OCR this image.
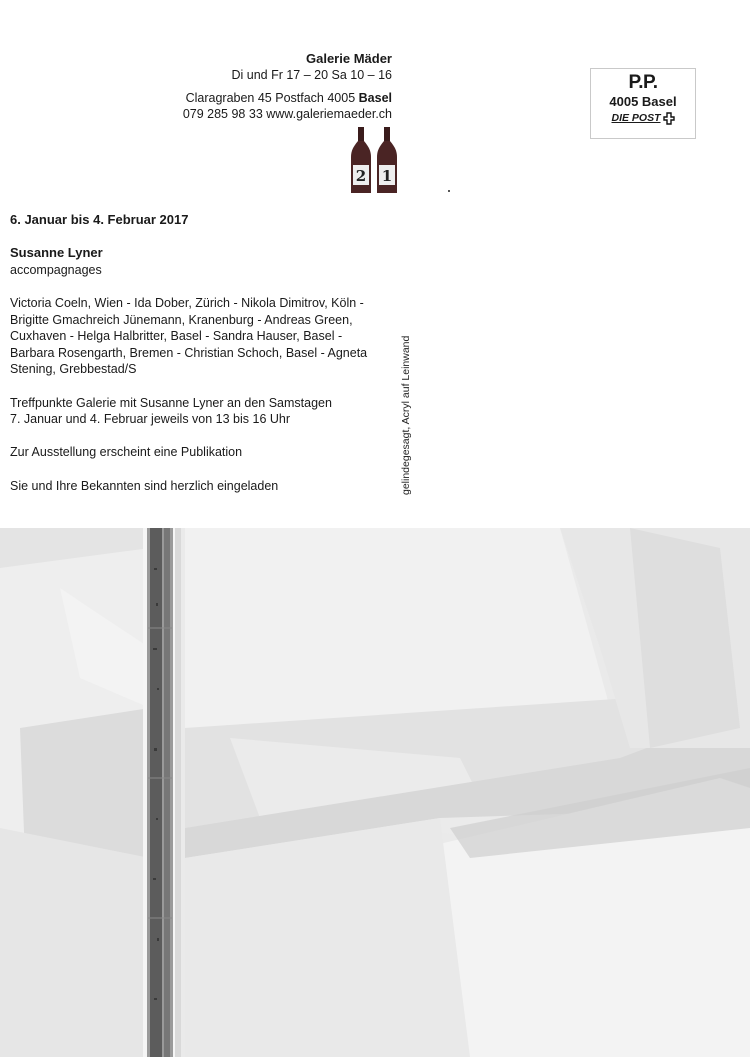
Galerie Mäder
Di und Fr 17 – 20 Sa 10 – 16
Claragraben 45 Postfach 4005 Basel
079 285 98 33 www.galeriemaeder.ch
2 1
P.P.
4005 Basel
DIE POST

6. Januar bis 4. Februar 2017

Susanne Lyner

accompagnages

Victoria Coeln, Wien - Ida Dober, Zürich - Nikola Dimitrov, Köln - Brigitte Gmachreich Jünemann, Kranenburg - Andreas Green, Cuxhaven - Helga Halbritter, Basel - Sandra Hauser, Basel - Barbara Rosengarth, Bremen - Christian Schoch, Basel - Agneta Stening, Grebbestad/S

Treffpunkte Galerie mit Susanne Lyner an den Samstagen

7. Januar und 4. Februar jeweils von 13 bis 16 Uhr

Zur Ausstellung erscheint eine Publikation

Sie und Ihre Bekannten sind herzlich eingeladen	gelindegesagt, Acryl auf Leinwand
